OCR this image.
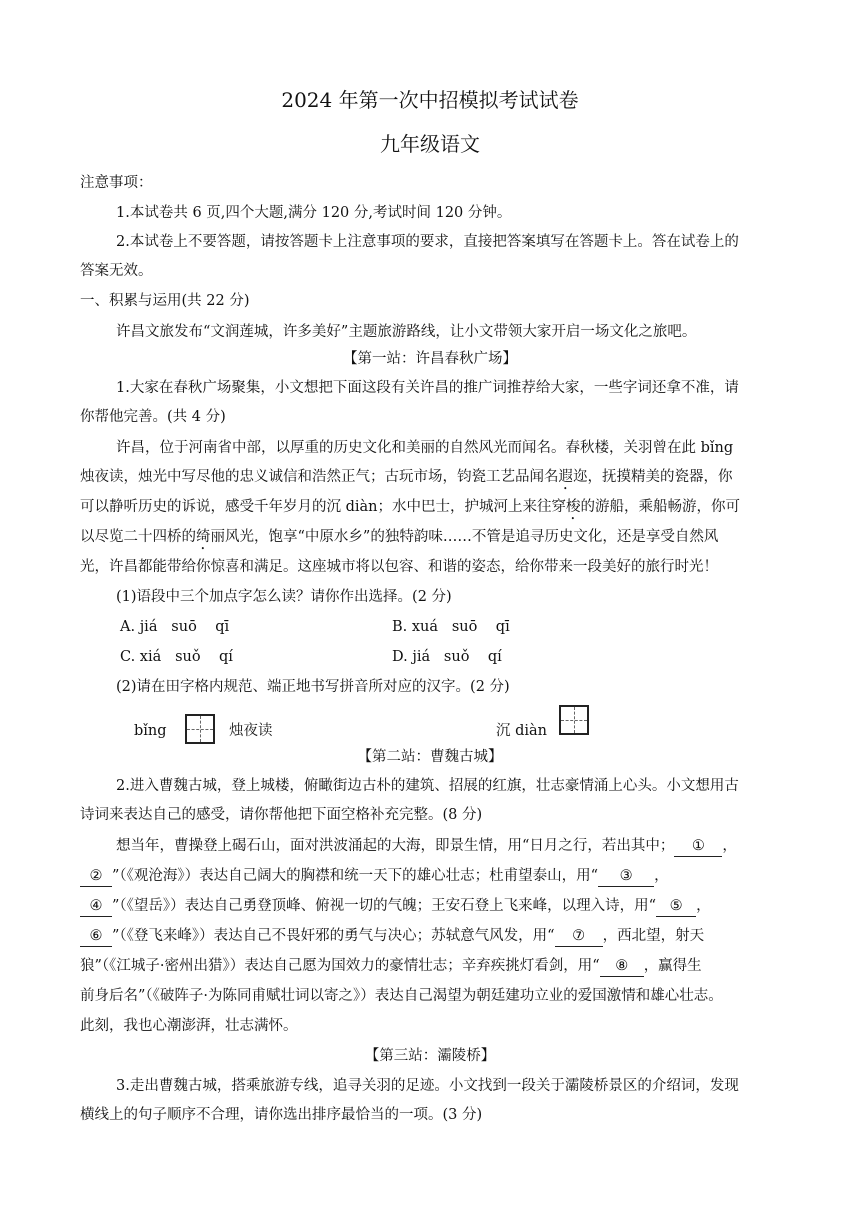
2024 年第一次中招模拟考试试卷
九年级语文
注意事项：
1.本试卷共 6 页,四个大题,满分 120 分,考试时间 120 分钟。
2.本试卷上不要答题，请按答题卡上注意事项的要求，直接把答案填写在答题卡上。答在试卷上的
答案无效。
一、积累与运用(共 22 分)
许昌文旅发布“文润莲城，许多美好”主题旅游路线，让小文带领大家开启一场文化之旅吧。
【第一站：许昌春秋广场】
1.大家在春秋广场聚集，小文想把下面这段有关许昌的推广词推荐给大家，一些字词还拿不准，请
你帮他完善。(共 4 分)
许昌，位于河南省中部，以厚重的历史文化和美丽的自然风光而闻名。春秋楼，关羽曾在此 bǐng
烛夜读，烛光中写尽他的忠义诚信和浩然正气；古玩市场，钧瓷工艺品闻名遐迩，抚摸精美的瓷器，你
可以静听历史的诉说，感受千年岁月的沉 diàn；水中巴士，护城河上来往穿梭的游船，乘船畅游，你可
以尽览二十四桥的绮丽风光，饱享“中原水乡”的独特韵味……不管是追寻历史文化，还是享受自然风
光，许昌都能带给你惊喜和满足。这座城市将以包容、和谐的姿态，给你带来一段美好的旅行时光！
(1)语段中三个加点字怎么读？请你作出选择。(2 分)
A. jiá   suō    qī	B. xuá   suō    qī
C. xiá   suǒ    qí	D. jiá   suǒ    qí
(2)请在田字格内规范、端正地书写拼音所对应的汉字。(2 分)
bǐng	烛夜读	沉 diàn
【第二站：曹魏古城】
2.进入曹魏古城，登上城楼，俯瞰街边古朴的建筑、招展的红旗，壮志豪情涌上心头。小文想用古
诗词来表达自己的感受，请你帮他把下面空格补充完整。(8 分)
想当年，曹操登上碣石山，面对洪波涌起的大海，即景生情，用“日月之行，若出其中； ① ，
② ”（《观沧海》）表达自己阔大的胸襟和统一天下的雄心壮志；杜甫望泰山，用“ ③ ，
④ ”（《望岳》）表达自己勇登顶峰、俯视一切的气魄；王安石登上飞来峰，以理入诗，用“ ⑤ ，
⑥ ”（《登飞来峰》）表达自己不畏奸邪的勇气与决心；苏轼意气风发，用“ ⑦ ，西北望，射天
狼”（《江城子·密州出猎》）表达自己愿为国效力的豪情壮志；辛弃疾挑灯看剑，用“ ⑧ ，赢得生
前身后名”（《破阵子·为陈同甫赋壮词以寄之》）表达自己渴望为朝廷建功立业的爱国激情和雄心壮志。
此刻，我也心潮澎湃，壮志满怀。
【第三站：灞陵桥】
3.走出曹魏古城，搭乘旅游专线，追寻关羽的足迹。小文找到一段关于灞陵桥景区的介绍词，发现
横线上的句子顺序不合理，请你选出排序最恰当的一项。(3 分)
